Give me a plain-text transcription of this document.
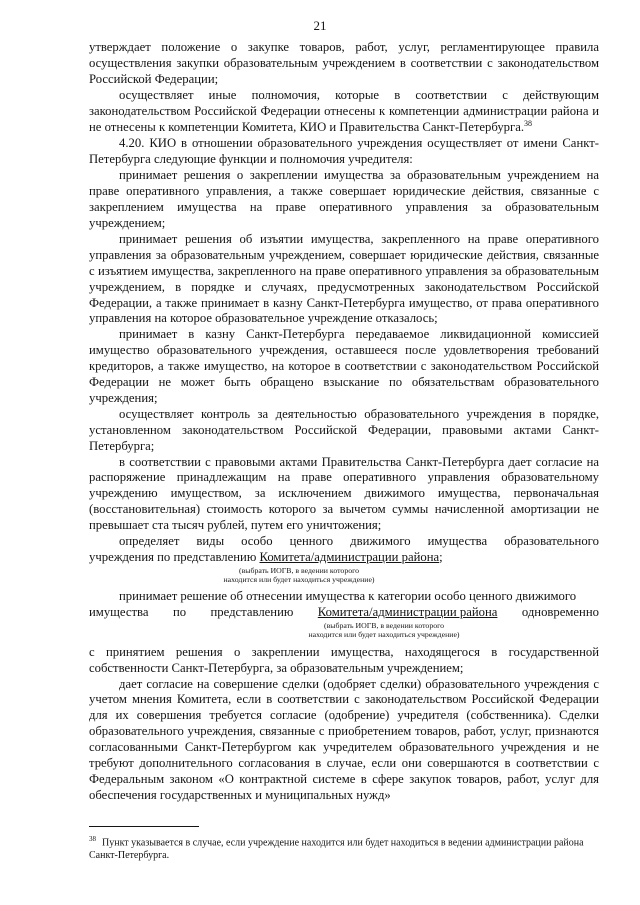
21

утверждает положение о закупке товаров, работ, услуг, регламентирующее правила осуществления закупки образовательным учреждением в соответствии с законодательством Российской Федерации;

осуществляет иные полномочия, которые в соответствии с действующим законодательством Российской Федерации отнесены к компетенции администрации района и не отнесены к компетенции Комитета, КИО и Правительства Санкт-Петербурга.$^{38}$

4.20. КИО в отношении образовательного учреждения осуществляет от имени Санкт-Петербурга следующие функции и полномочия учредителя:

принимает решения о закреплении имущества за образовательным учреждением на праве оперативного управления, а также совершает юридические действия, связанные с закреплением имущества на праве оперативного управления за образовательным учреждением;

принимает решения об изъятии имущества, закрепленного на праве оперативного управления за образовательным учреждением, совершает юридические действия, связанные с изъятием имущества, закрепленного на праве оперативного управления за образовательным учреждением, в порядке и случаях, предусмотренных законодательством Российской Федерации, а также принимает в казну Санкт-Петербурга имущество, от права оперативного управления на которое образовательное учреждение отказалось;

принимает в казну Санкт-Петербурга передаваемое ликвидационной комиссией имущество образовательного учреждения, оставшееся после удовлетворения требований кредиторов, а также имущество, на которое в соответствии с законодательством Российской Федерации не может быть обращено взыскание по обязательствам образовательного учреждения;

осуществляет контроль за деятельностью образовательного учреждения в порядке, установленном законодательством Российской Федерации, правовыми актами Санкт-Петербурга;

в соответствии с правовыми актами Правительства Санкт-Петербурга дает согласие на распоряжение принадлежащим на праве оперативного управления образовательному учреждению имуществом, за исключением движимого имущества, первоначальная (восстановительная) стоимость которого за вычетом суммы начисленной амортизации не превышает ста тысяч рублей, путем его уничтожения;

определяет виды особо ценного движимого имущества образовательного
учреждения по представлению Комитета/администрации района;
(выбрать ИОГВ, в ведении которого
находится или будет находиться учреждение)
принимает решение об отнесении имущества к категории особо ценного движимого
имущества по представлению Комитета/администрации района одновременно
(выбрать ИОГВ, в ведении которого
находится или будет находиться учреждение)

с принятием решения о закреплении имущества, находящегося в государственной собственности Санкт-Петербурга, за образовательным учреждением;

дает согласие на совершение сделки (одобряет сделки) образовательного учреждения с учетом мнения Комитета, если в соответствии с законодательством Российской Федерации для их совершения требуется согласие (одобрение) учредителя (собственника). Сделки образовательного учреждения, связанные с приобретением товаров, работ, услуг, признаются согласованными Санкт-Петербургом как учредителем образовательного учреждения и не требуют дополнительного согласования в случае, если они совершаются в соответствии с Федеральным законом «О контрактной системе в сфере закупок товаров, работ, услуг для обеспечения государственных и муниципальных нужд»

$^{38}$ Пункт указывается в случае, если учреждение находится или будет находиться в ведении администрации района Санкт-Петербурга.
